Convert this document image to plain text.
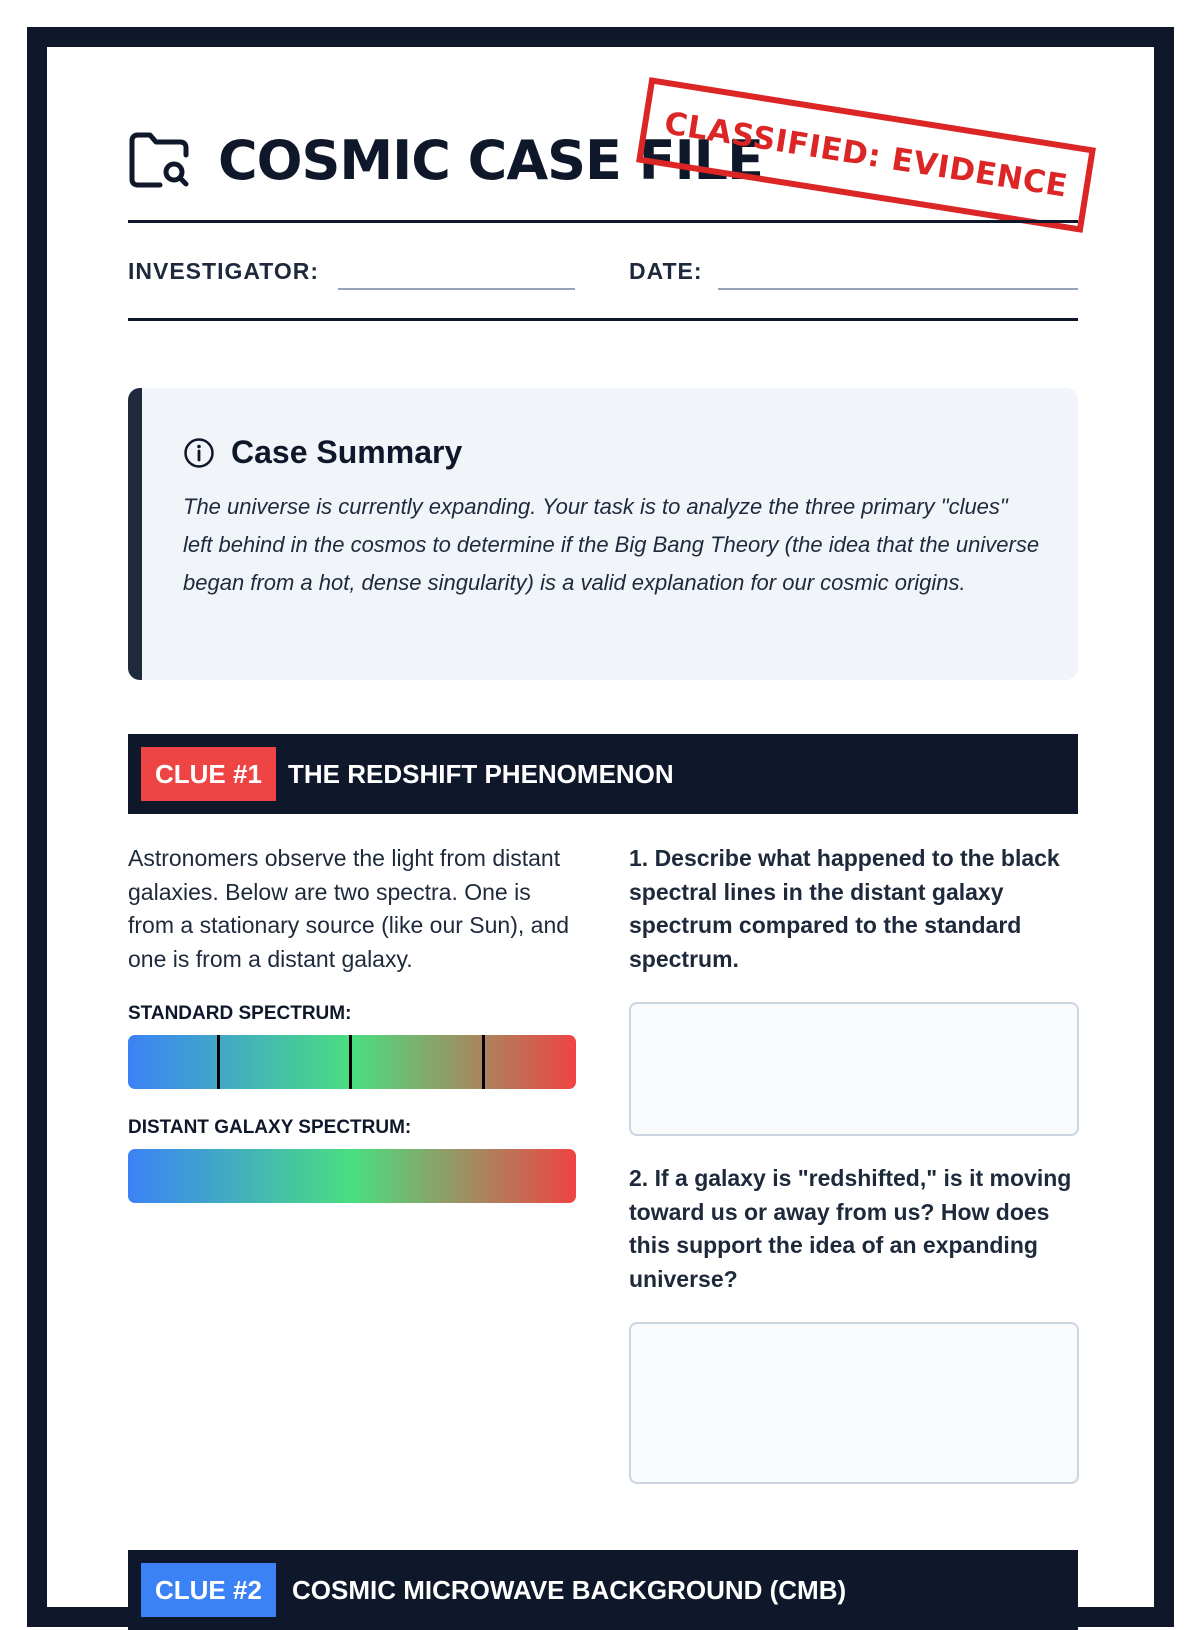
COSMIC CASE FILE
CLASSIFIED: EVIDENCE
INVESTIGATOR:	DATE:
Case Summary
The universe is currently expanding. Your task is to analyze the three primary "clues" left behind in the cosmos to determine if the Big Bang Theory (the idea that the universe began from a hot, dense singularity) is a valid explanation for our cosmic origins.
CLUE #1	THE REDSHIFT PHENOMENON
Astronomers observe the light from distant galaxies. Below are two spectra. One is from a stationary source (like our Sun), and one is from a distant galaxy.
STANDARD SPECTRUM:
DISTANT GALAXY SPECTRUM:
1. Describe what happened to the black spectral lines in the distant galaxy spectrum compared to the standard spectrum.
2. If a galaxy is "redshifted," is it moving toward us or away from us? How does this support the idea of an expanding universe?
CLUE #2	COSMIC MICROWAVE BACKGROUND (CMB)
